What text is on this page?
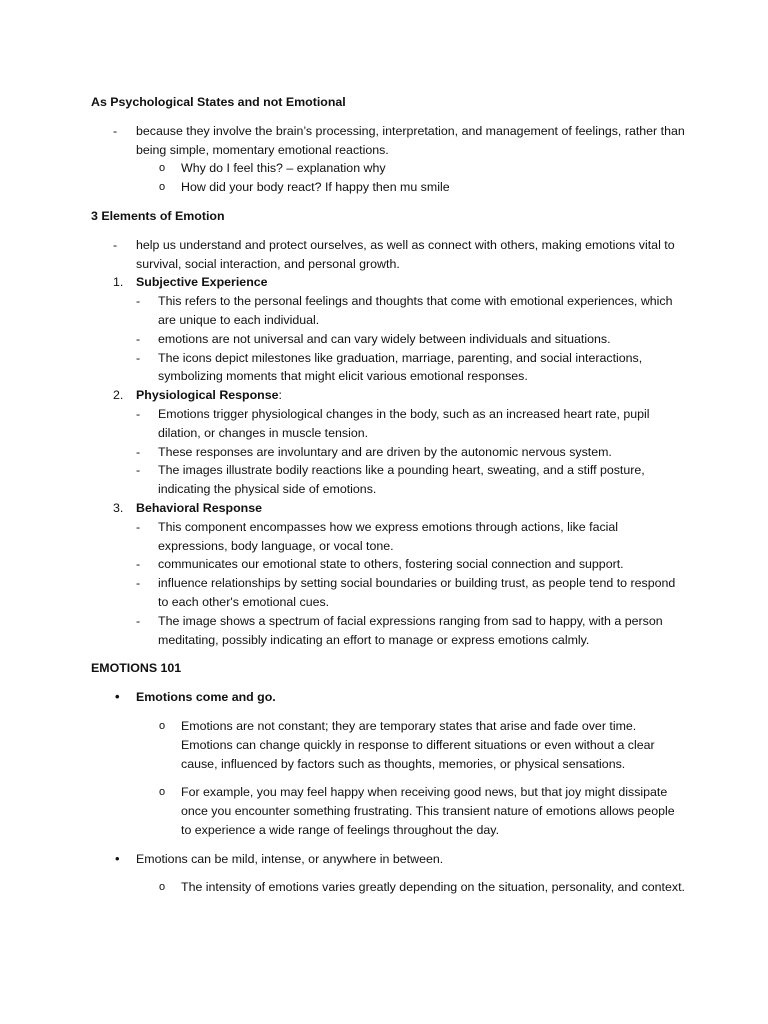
As Psychological States and not Emotional

- because they involve the brain’s processing, interpretation, and management of feelings, rather than being simple, momentary emotional reactions.
o Why do I feel this? – explanation why
o How did your body react? If happy then mu smile

3 Elements of Emotion

- help us understand and protect ourselves, as well as connect with others, making emotions vital to survival, social interaction, and personal growth.
1. Subjective Experience
- This refers to the personal feelings and thoughts that come with emotional experiences, which are unique to each individual.
- emotions are not universal and can vary widely between individuals and situations.
- The icons depict milestones like graduation, marriage, parenting, and social interactions, symbolizing moments that might elicit various emotional responses.
2. Physiological Response:
- Emotions trigger physiological changes in the body, such as an increased heart rate, pupil dilation, or changes in muscle tension.
- These responses are involuntary and are driven by the autonomic nervous system.
- The images illustrate bodily reactions like a pounding heart, sweating, and a stiff posture, indicating the physical side of emotions.
3. Behavioral Response
- This component encompasses how we express emotions through actions, like facial expressions, body language, or vocal tone.
- communicates our emotional state to others, fostering social connection and support.
- influence relationships by setting social boundaries or building trust, as people tend to respond to each other's emotional cues.
- The image shows a spectrum of facial expressions ranging from sad to happy, with a person meditating, possibly indicating an effort to manage or express emotions calmly.

EMOTIONS 101

• Emotions come and go.
o Emotions are not constant; they are temporary states that arise and fade over time. Emotions can change quickly in response to different situations or even without a clear cause, influenced by factors such as thoughts, memories, or physical sensations.
o For example, you may feel happy when receiving good news, but that joy might dissipate once you encounter something frustrating. This transient nature of emotions allows people to experience a wide range of feelings throughout the day.
• Emotions can be mild, intense, or anywhere in between.
o The intensity of emotions varies greatly depending on the situation, personality, and context.
